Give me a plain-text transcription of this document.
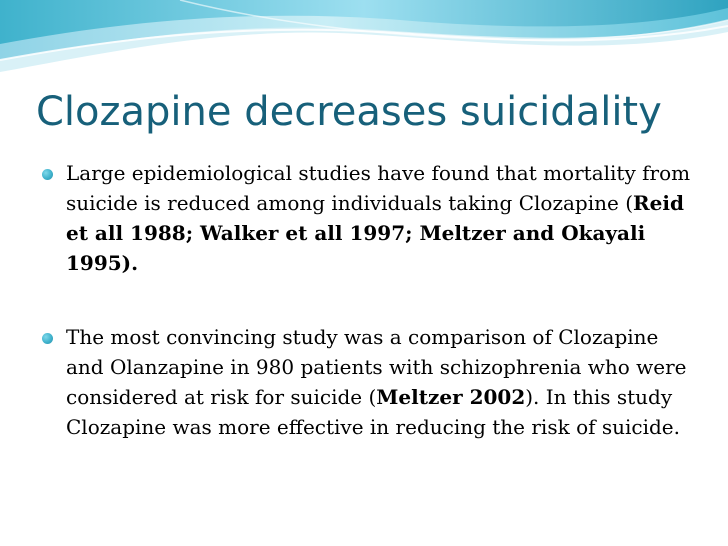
Clozapine decreases suicidality
Large epidemiological studies have found that mortality from suicide is reduced among individuals taking Clozapine (Reid et all 1988; Walker et all 1997; Meltzer and Okayali 1995).
The most convincing study was a comparison of Clozapine and Olanzapine in 980 patients with schizophrenia who were considered at risk for suicide (Meltzer 2002). In this study Clozapine was more effective in reducing the risk of suicide.
